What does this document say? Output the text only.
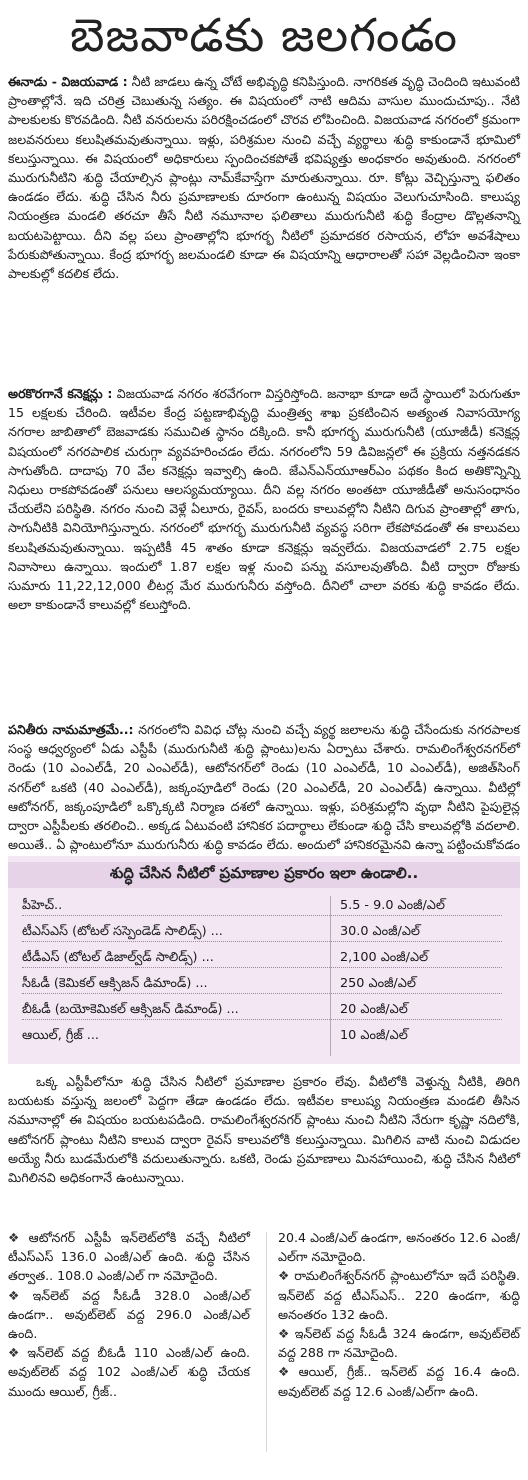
బెజవాడకు జలగండం

ఈనాడు - విజయవాడ : నీటి జాడలు ఉన్న చోటే అభివృద్ధి కనిపిస్తుంది. నాగరికత వృద్ధి చెందింది ఇటువంటి ప్రాంతాల్లోనే. ఇది చరిత్ర చెబుతున్న సత్యం. ఈ విషయంలో నాటి ఆదిమ వాసుల ముందుచూపు.. నేటి పాలకులకు కొరవడింది. నీటి వనరులను పరిరక్షించడంలో చొరవ లోపించింది. విజయవాడ నగరంలో క్రమంగా జలవనరులు కలుషితమవుతున్నాయి. ఇళ్లు, పరిశ్రమల నుంచి వచ్చే వ్యర్థాలు శుద్ధి కాకుండానే భూమిలో కలుస్తున్నాయి. ఈ విషయంలో అధికారులు స్పందించకపోతే భవిష్యత్తు అంధకారం అవుతుంది. నగరంలో మురుగునీటిని శుద్ధి చేయాల్సిన ప్లాంట్లు నామ్‌కేవాస్తేగా మారుతున్నాయి. రూ. కోట్లు వెచ్చిస్తున్నా ఫలితం ఉండడం లేదు. శుద్ధి చేసిన నీరు ప్రమాణాలకు దూరంగా ఉంటున్న విషయం వెలుగుచూసింది. కాలుష్య నియంత్రణ మండలి తరచూ తీసే నీటి నమూనాల ఫలితాలు మురుగునీటి శుద్ధి కేంద్రాల డొల్లతనాన్ని బయటపెట్టాయి. దీని వల్ల పలు ప్రాంతాల్లోని భూగర్భ నీటిలో ప్రమాదకర రసాయన, లోహ అవశేషాలు పేరుకుపోతున్నాయి. కేంద్ర భూగర్భ జలమండలి కూడా ఈ విషయాన్ని ఆధారాలతో సహా వెల్లడించినా ఇంకా పాలకుల్లో కదలిక లేదు.

అరకొరగానే కనెక్షన్లు : విజయవాడ నగరం శరవేగంగా విస్తరిస్తోంది. జనాభా కూడా అదే స్థాయిలో పెరుగుతూ 15 లక్షలకు చేరింది. ఇటీవల కేంద్ర పట్టణాభివృద్ధి మంత్రిత్వ శాఖ ప్రకటించిన అత్యంత నివాసయోగ్య నగరాల జాబితాలో బెజవాడకు సముచిత స్థానం దక్కింది. కానీ భూగర్భ మురుగునీటి (యూజీడీ) కనెక్షన్ల విషయంలో నగరపాలిక చురుగ్గా వ్యవహరించడం లేదు. నగరంలోని 59 డివిజన్లలో ఈ ప్రక్రియ నత్తనడకన సాగుతోంది. దాదాపు 70 వేల కనెక్షన్లు ఇవ్వాల్సి ఉంది. జేఎన్‌ఎన్‌యూఆర్‌ఎం పథకం కింద అతికొన్నిన్ని నిధులు రాకపోవడంతో పనులు ఆలస్యమయ్యాయి. దీని వల్ల నగరం అంతటా యూజీడీతో అనుసంధానం చేయలేని పరిస్థితి. నగరం నుంచి వెళ్లే ఏలూరు, రైవస్, బందరు కాలువల్లోని నీటిని దిగువ ప్రాంతాల్లో తాగు, సాగునీటికి వినియోగిస్తున్నారు. నగరంలో భూగర్భ మురుగునీటి వ్యవస్థ సరిగా లేకపోవడంతో ఈ కాలువలు కలుషితమవుతున్నాయి. ఇప్పటికీ 45 శాతం కూడా కనెక్షన్లు ఇవ్వలేదు. విజయవాడలో 2.75 లక్షల నివాసాలు ఉన్నాయి. ఇందులో 1.87 లక్షల ఇళ్ల నుంచి పన్ను వసూలవుతోంది. వీటి ద్వారా రోజుకు సుమారు 11,22,12,000 లీటర్ల మేర మురుగునీరు వస్తోంది. దీనిలో చాలా వరకు శుద్ధి కావడం లేదు. అలా కాకుండానే కాలువల్లో కలుస్తోంది.

పనితీరు నామమాత్రమే..: నగరంలోని వివిధ చోట్ల నుంచి వచ్చే వ్యర్థ జలాలను శుద్ధి చేసేందుకు నగరపాలక సంస్థ ఆధ్వర్యంలో ఏడు ఎస్టీపీ (మురుగునీటి శుద్ధి ప్లాంటు)లను ఏర్పాటు చేశారు. రామలింగేశ్వరనగర్‌లో రెండు (10 ఎంఎల్‌డీ, 20 ఎంఎల్‌డీ), ఆటోనగర్‌లో రెండు (10 ఎంఎల్‌డీ, 10 ఎంఎల్‌డీ), అజిత్‌సింగ్ నగర్‌లో ఒకటి (40 ఎంఎల్‌డీ), జక్కంపూడిలో రెండు (20 ఎంఎల్‌డీ, 20 ఎంఎల్‌డీ) ఉన్నాయి. వీటిల్లో ఆటోనగర్, జక్కంపూడిలో ఒక్కొక్కటి నిర్మాణ దశలో ఉన్నాయి. ఇళ్లు, పరిశ్రమల్లోని వృథా నీటిని పైపులైన్ల ద్వారా ఎస్టీపీలకు తరలించి.. అక్కడ ఏటువంటి హానికర పదార్థాలు లేకుండా శుద్ధి చేసి కాలువల్లోకి వదలాలి. అయితే.. ఏ ప్లాంటులోనూ మురుగునీరు శుద్ధి కావడం లేదు. అందులో హానికరమైనవి ఉన్నా పట్టించుకోవడం

శుద్ధి చేసిన నీటిలో ప్రమాణాల ప్రకారం ఇలా ఉండాలి..
పీహెచ్..	5.5 - 9.0 ఎంజీ/ఎల్
టీఎస్ఎస్ (టోటల్ సస్పెండెడ్ సాలిడ్స్) ...	30.0 ఎంజీ/ఎల్
టీడీఎస్ (టోటల్ డిజాల్వ్‌డ్ సాలిడ్స్) ...	2,100 ఎంజీ/ఎల్
సీఓడీ (కెమికల్ ఆక్సిజన్ డిమాండ్) ...	250 ఎంజీ/ఎల్
బీఓడీ (బయోకెమికల్ ఆక్సిజన్ డిమాండ్) ...	20 ఎంజీ/ఎల్
ఆయిల్, గ్రీజ్ ...	10 ఎంజీ/ఎల్

ఒక్క ఎస్టీపీలోనూ శుద్ధి చేసిన నీటిలో ప్రమాణాల ప్రకారం లేవు. వీటిలోకి వెళ్తున్న నీటికి, తిరిగి బయటకు వస్తున్న జలంలో పెద్దగా తేడా ఉండడం లేదు. ఇటీవల కాలుష్య నియంత్రణ మండలి తీసిన నమూనాల్లో ఈ విషయం బయటపడింది. రామలింగేశ్వరనగర్ ప్లాంటు నుంచి నీటిని నేరుగా కృష్ణా నదిలోకి, ఆటోనగర్ ప్లాంటు నీటిని కాలువ ద్వారా రైవస్ కాలువలోకి కలుస్తున్నాయి. మిగిలిన వాటి నుంచి విడుదల అయ్యే నీరు బుడమేరులోకి వదులుతున్నారు. ఒకటి, రెండు ప్రమాణాలు మినహాయించి, శుద్ధి చేసిన నీటిలో మిగిలినవి అధికంగానే ఉంటున్నాయి.

❖ ఆటోనగర్ ఎస్టీపీ ఇన్‌లెట్‌లోకి వచ్చే నీటిలో టీఎస్ఎస్ 136.0 ఎంజీ/ఎల్ ఉంది. శుద్ధి చేసిన తర్వాత.. 108.0 ఎంజీ/ఎల్ గా నమోదైంది.

❖ ఇన్‌లెట్ వద్ద సీఓడీ 328.0 ఎంజీ/ఎల్ ఉండగా.. అవుట్‌లెట్ వద్ద 296.0 ఎంజీ/ఎల్ ఉంది.

❖ ఇన్‌లెట్ వద్ద బీఓడీ 110 ఎంజీ/ఎల్ ఉంది. అవుట్‌లెట్ వద్ద 102 ఎంజీ/ఎల్ శుద్ధి చేయక ముందు ఆయిల్, గ్రీజ్..

20.4 ఎంజీ/ఎల్ ఉండగా, అనంతరం 12.6 ఎంజీ/ఎల్‌గా నమోదైంది.

❖ రామలింగేశ్వర్‌నగర్ ప్లాంటులోనూ ఇదే పరిస్థితి. ఇన్‌లెట్ వద్ద టీఎస్ఎస్.. 220 ఉండగా, శుద్ధి అనంతరం 132 ఉంది.

❖ ఇన్‌లెట్ వద్ద సీఓడీ 324 ఉండగా, అవుట్‌లెట్ వద్ద 288 గా నమోదైంది.

❖ ఆయిల్, గ్రీజ్.. ఇన్‌లెట్ వద్ద 16.4 ఉంది. అవుట్‌లెట్ వద్ద 12.6 ఎంజీ/ఎల్‌గా ఉంది.
